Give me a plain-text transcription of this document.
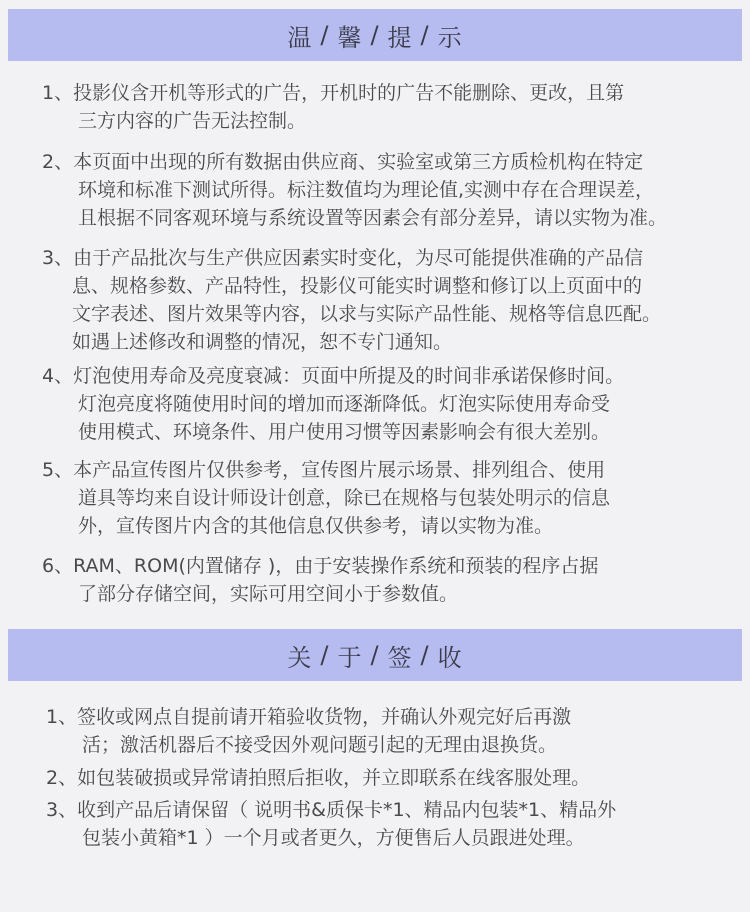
温 / 馨 / 提 / 示
1、投影仪含开机等形式的广告，开机时的广告不能删除、更改，且第
三方内容的广告无法控制。
2、本页面中出现的所有数据由供应商、实验室或第三方质检机构在特定
环境和标准下测试所得。标注数值均为理论值,实测中存在合理误差，
且根据不同客观环境与系统设置等因素会有部分差异，请以实物为准。
3、由于产品批次与生产供应因素实时变化，为尽可能提供准确的产品信
息、规格参数、产品特性，投影仪可能实时调整和修订以上页面中的
文字表述、图片效果等内容，以求与实际产品性能、规格等信息匹配。
如遇上述修改和调整的情况，恕不专门通知。
4、灯泡使用寿命及亮度衰减：页面中所提及的时间非承诺保修时间。
灯泡亮度将随使用时间的增加而逐渐降低。灯泡实际使用寿命受
使用模式、环境条件、用户使用习惯等因素影响会有很大差别。
5、本产品宣传图片仅供参考，宣传图片展示场景、排列组合、使用
道具等均来自设计师设计创意，除已在规格与包装处明示的信息
外，宣传图片内含的其他信息仅供参考，请以实物为准。
6、RAM、ROM(内置储存 )，由于安装操作系统和预装的程序占据
了部分存储空间，实际可用空间小于参数值。
关 / 于 / 签 / 收
1、签收或网点自提前请开箱验收货物，并确认外观完好后再激
活；激活机器后不接受因外观问题引起的无理由退换货。
2、如包装破损或异常请拍照后拒收，并立即联系在线客服处理。
3、收到产品后请保留（ 说明书&质保卡*1、精品内包装*1、精品外
包装小黄箱*1 ）一个月或者更久，方便售后人员跟进处理。
